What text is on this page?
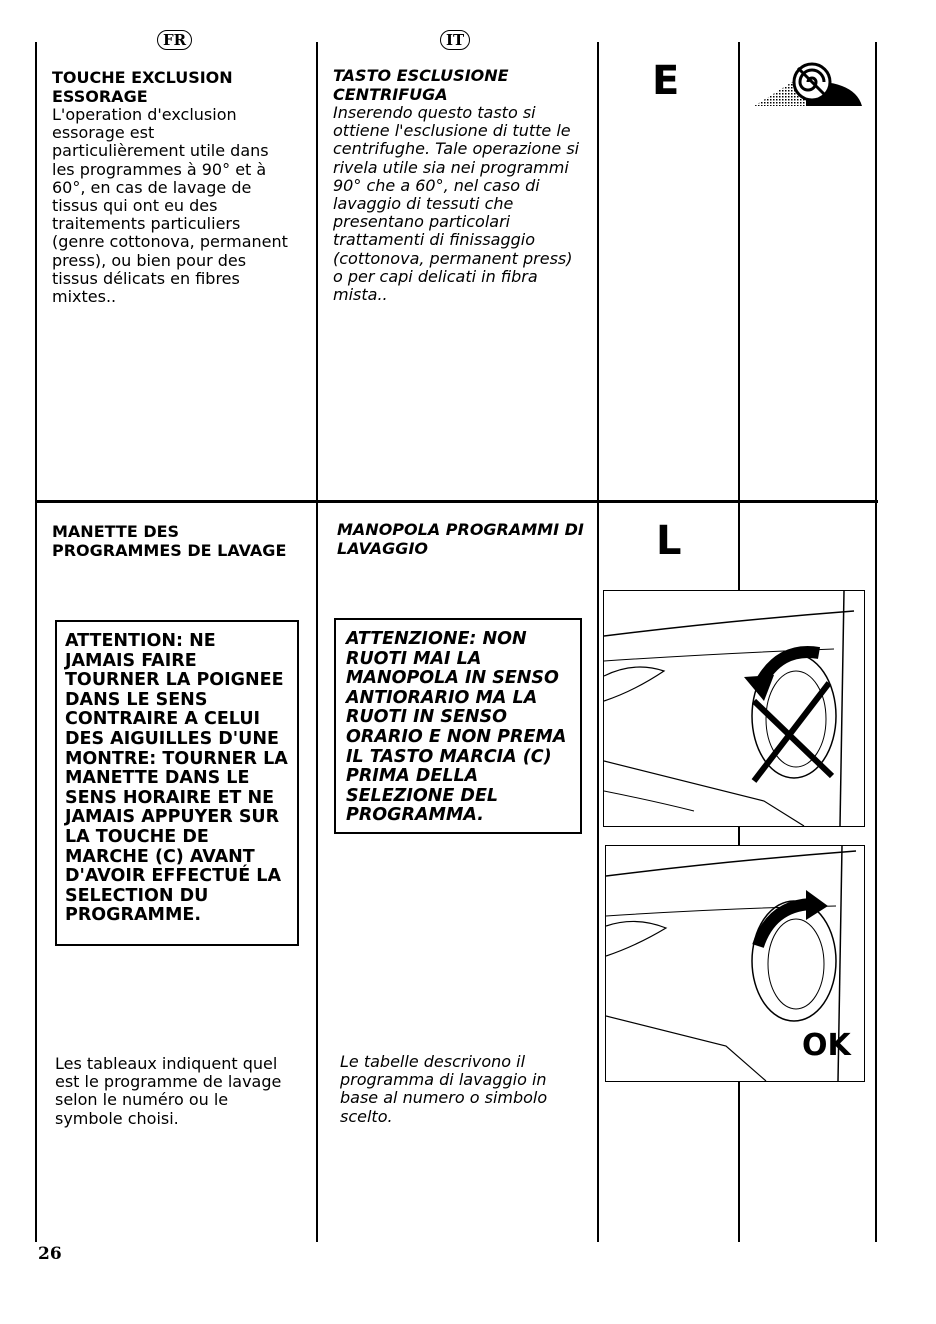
FR	IT
TOUCHE EXCLUSION ESSORAGE
L'operation d'exclusion essorage est particulièrement utile dans les programmes à 90° et à 60°, en cas de lavage de tissus qui ont eu des traitements particuliers (genre cottonova, permanent press), ou bien pour des tissus délicats en fibres mixtes..
TASTO ESCLUSIONE CENTRIFUGA
Inserendo questo tasto si ottiene l'esclusione di tutte le centrifughe. Tale operazione si rivela utile sia nei programmi 90° che a 60°, nel caso di lavaggio di tessuti che presentano particolari trattamenti di finissaggio (cottonova, permanent press) o per capi delicati in fibra mista..
E
MANETTE DES PROGRAMMES DE LAVAGE
ATTENTION: NE JAMAIS FAIRE TOURNER LA POIGNEE DANS LE SENS CONTRAIRE A CELUI DES AIGUILLES D'UNE MONTRE: TOURNER LA MANETTE DANS LE SENS HORAIRE ET NE JAMAIS APPUYER SUR LA TOUCHE DE MARCHE (C) AVANT D'AVOIR EFFECTUÉ LA SELECTION DU PROGRAMME.
Les tableaux indiquent quel est le programme de lavage selon le numéro ou le symbole choisi.
MANOPOLA PROGRAMMI DI LAVAGGIO
ATTENZIONE: NON RUOTI MAI LA MANOPOLA IN SENSO ANTIORARIO MA LA RUOTI IN SENSO ORARIO E NON PREMA IL TASTO MARCIA (C) PRIMA DELLA SELEZIONE DEL PROGRAMMA.
Le tabelle descrivono il programma di lavaggio in base al numero o simbolo scelto.
L
OK
26
